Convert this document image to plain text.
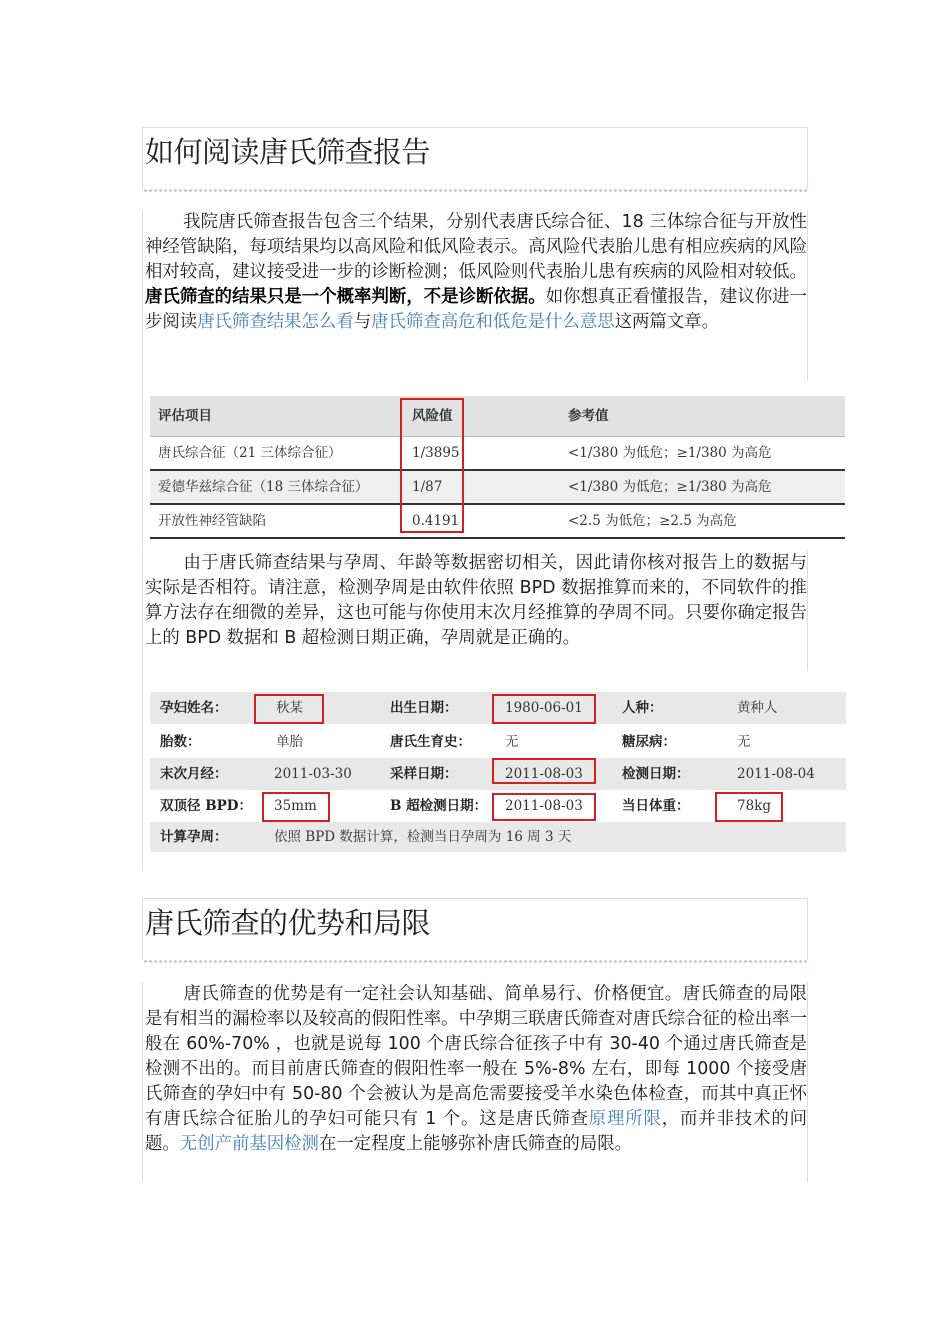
如何阅读唐氏筛查报告
我院唐氏筛查报告包含三个结果，分别代表唐氏综合征、18 三体综合征与开放性神经管缺陷，每项结果均以高风险和低风险表示。高风险代表胎儿患有相应疾病的风险相对较高，建议接受进一步的诊断检测；低风险则代表胎儿患有疾病的风险相对较低。唐氏筛查的结果只是一个概率判断，不是诊断依据。如你想真正看懂报告，建议你进一步阅读唐氏筛查结果怎么看与唐氏筛查高危和低危是什么意思这两篇文章。
评估项目	风险值	参考值
唐氏综合征（21 三体综合征）	1/3895	<1/380 为低危；≥1/380 为高危
爱德华兹综合征（18 三体综合征）	1/87	<1/380 为低危；≥1/380 为高危
开放性神经管缺陷	0.4191	<2.5 为低危；≥2.5 为高危
由于唐氏筛查结果与孕周、年龄等数据密切相关，因此请你核对报告上的数据与实际是否相符。请注意，检测孕周是由软件依照 BPD 数据推算而来的，不同软件的推算方法存在细微的差异，这也可能与你使用末次月经推算的孕周不同。只要你确定报告上的 BPD 数据和 B 超检测日期正确，孕周就是正确的。
孕妇姓名：	秋某	出生日期：	1980-06-01	人种：	黄种人
胎数：	单胎	唐氏生育史：	无	糖尿病：	无
末次月经：	2011-03-30	采样日期：	2011-08-03	检测日期：	2011-08-04
双顶径 BPD： 35mm	B 超检测日期： 2011-08-03	当日体重：	78kg
计算孕周：	依照 BPD 数据计算，检测当日孕周为 16 周 3 天
唐氏筛查的优势和局限
唐氏筛查的优势是有一定社会认知基础、简单易行、价格便宜。唐氏筛查的局限是有相当的漏检率以及较高的假阳性率。中孕期三联唐氏筛查对唐氏综合征的检出率一般在 60%-70% ，也就是说每 100 个唐氏综合征孩子中有 30-40 个通过唐氏筛查是检测不出的。而目前唐氏筛查的假阳性率一般在 5%-8% 左右，即每 1000 个接受唐氏筛查的孕妇中有 50-80 个会被认为是高危需要接受羊水染色体检查，而其中真正怀有唐氏综合征胎儿的孕妇可能只有 1 个。这是唐氏筛查原理所限，而并非技术的问题。无创产前基因检测在一定程度上能够弥补唐氏筛查的局限。
